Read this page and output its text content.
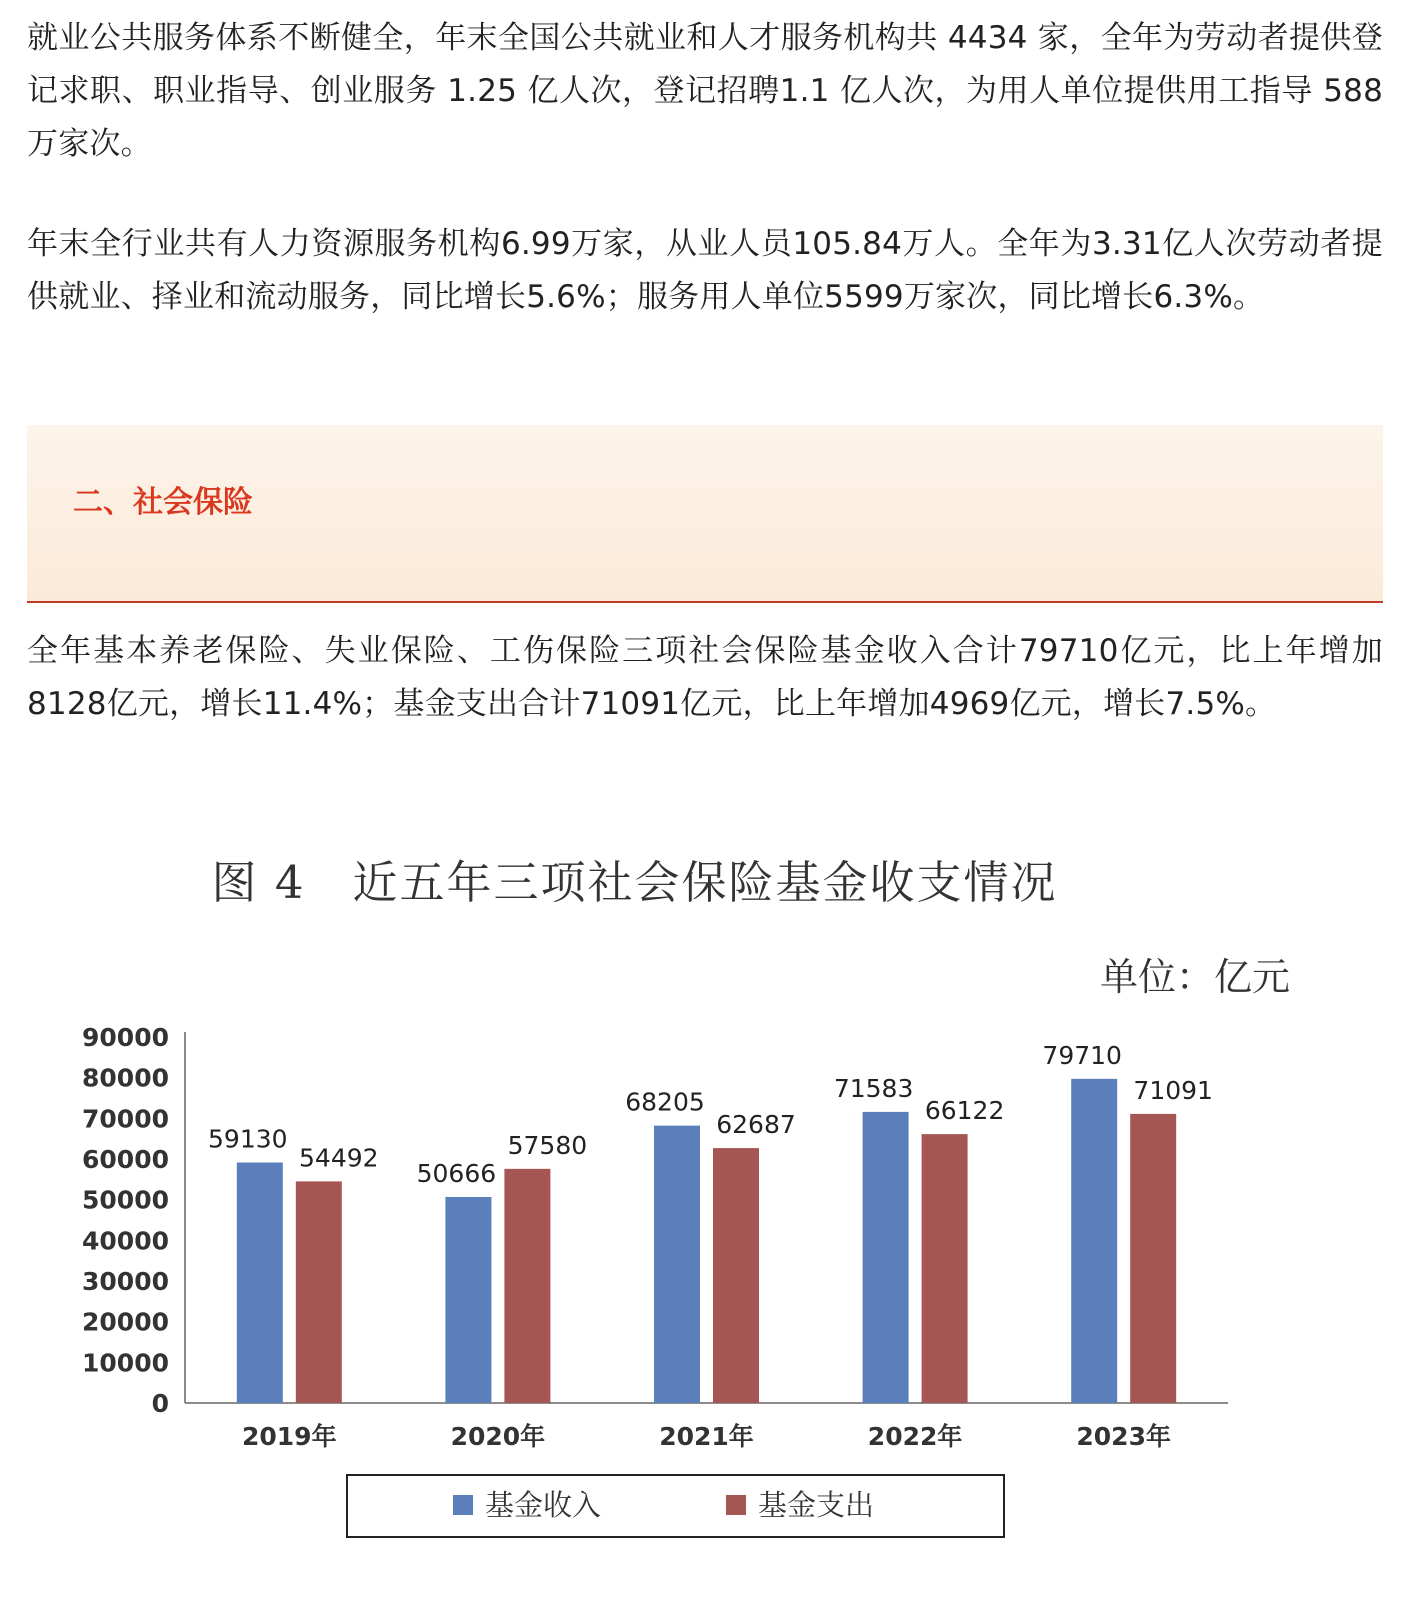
就业公共服务体系不断健全，年末全国公共就业和人才服务机构共 4434 家，全年为劳动者提供登记求职、职业指导、创业服务 1.25 亿人次，登记招聘1.1 亿人次，为用人单位提供用工指导 588 万家次。

年末全行业共有人力资源服务机构6.99万家，从业人员105.84万人。全年为3.31亿人次劳动者提供就业、择业和流动服务，同比增长5.6%；服务用人单位5599万家次，同比增长6.3%。

二、社会保险

全年基本养老保险、失业保险、工伤保险三项社会保险基金收入合计79710亿元，比上年增加8128亿元，增长11.4%；基金支出合计71091亿元，比上年增加4969亿元，增长7.5%。

图 4　近五年三项社会保险基金收支情况
单位：亿元
0
10000
20000
30000
40000
50000
60000
70000
80000
90000
59130
54492
2019年
50666
57580
2020年
68205
62687
2021年
71583
66122
2022年
79710
71091
2023年
基金收入	基金支出
